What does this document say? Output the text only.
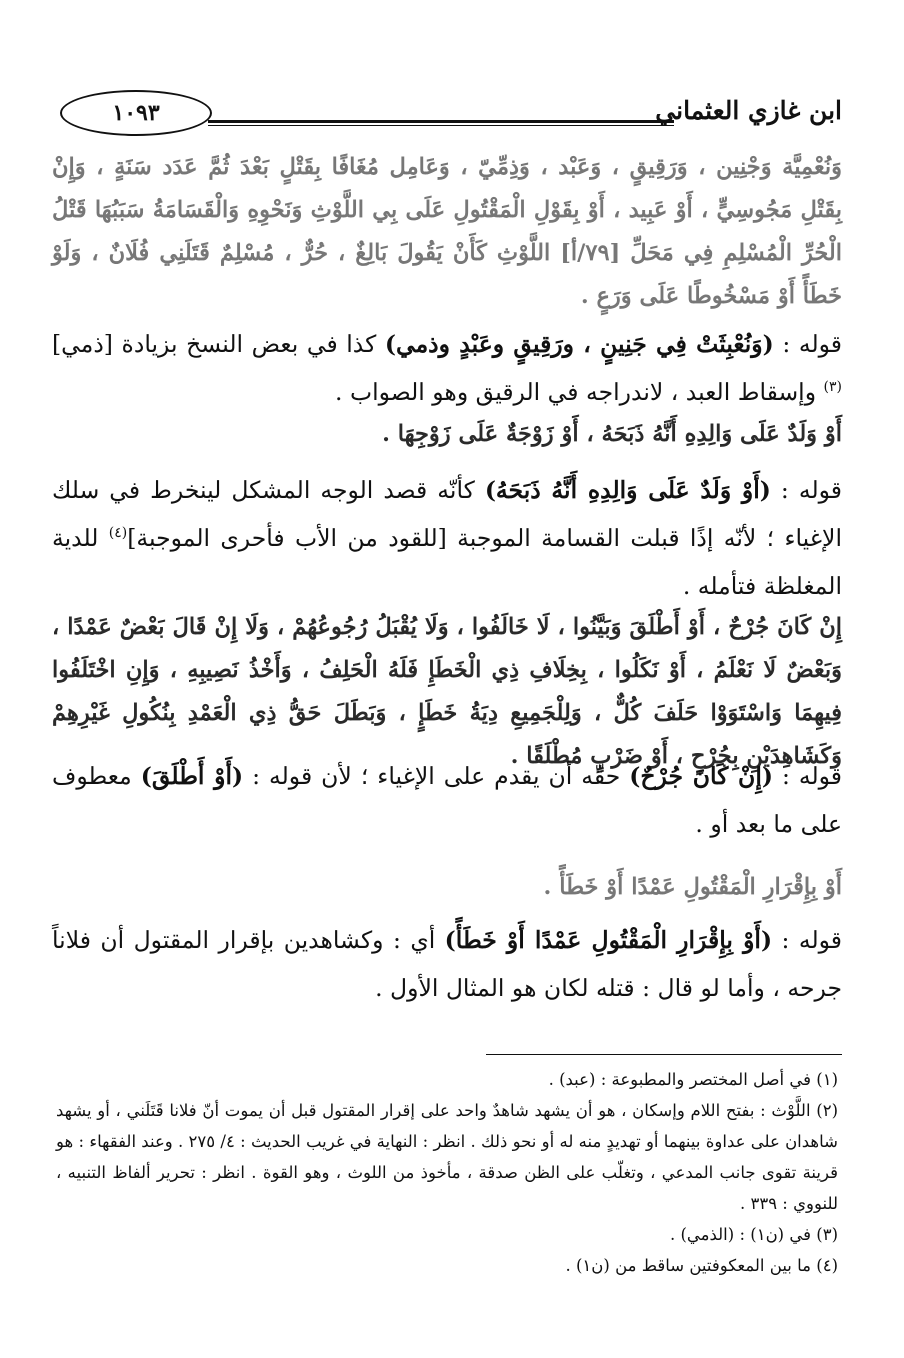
ابن غازي العثماني
١٠٩٣
وَنُعْمِيَّة وَجْنِين ، وَرَقِيقٍ ، وَعَبْد ، وَذِمِّيّ ، وَعَامِل مُغَافًا بِقَتْلٍ بَعْدَ ثُمَّ عَدَد سَنَةٍ ، وَإِنْ بِقَتْلِ مَجُوسِيٍّ ، أَوْ عَبِيد ، أَوْ بِقَوْلِ الْمَقْتُولِ عَلَى بِي اللَّوْثِ وَنَحْوِهِ وَالْقَسَامَةُ سَبَبُهَا قَتْلُ الْحُرِّ الْمُسْلِمِ فِي مَحَلِّ [٧٩/أ] اللَّوْثِ كَأَنْ يَقُولَ بَالِغٌ ، حُرٌّ ، مُسْلِمٌ قَتَلَنِي فُلَانٌ ، وَلَوْ خَطَأً أَوْ مَسْخُوطًا عَلَى وَرَعٍ .
قوله : (وَنُعْبِثَتْ فِي جَنِينٍ ، ورَقِيقٍ وعَبْدٍ وذمي) كذا في بعض النسخ بزيادة [ذمي]$^{(٣)}$ وإسقاط العبد ، لاندراجه في الرقيق وهو الصواب .
أَوْ وَلَدٌ عَلَى وَالِدِهِ أَنَّهُ ذَبَحَهُ ، أَوْ زَوْجَةٌ عَلَى زَوْجِهَا .
قوله : (أَوْ وَلَدٌ عَلَى وَالِدِهِ أَنَّهُ ذَبَحَهُ) كأنّه قصد الوجه المشكل لينخرط في سلك الإغياء ؛ لأنّه إذًا قبلت القسامة الموجبة [للقود من الأب فأحرى الموجبة]$^{(٤)}$ للدية المغلظة فتأمله .
إِنْ كَانَ جُرْحٌ ، أَوْ أَطْلَقَ وَبَيَّنُوا ، لَا خَالَفُوا ، وَلَا يُقْبَلُ رُجُوعُهُمْ ، وَلَا إِنْ قَالَ بَعْضٌ عَمْدًا ، وَبَعْضٌ لَا نَعْلَمُ ، أَوْ نَكَلُوا ، بِخِلَافِ ذِي الْخَطَإِ فَلَهُ الْحَلِفُ ، وَأَخْذُ نَصِيبِهِ ، وَإِنِ اخْتَلَفُوا فِيهِمَا وَاسْتَوَوْا حَلَفَ كُلٌّ ، وَلِلْجَمِيعِ دِيَةُ خَطَإٍ ، وَبَطَلَ حَقُّ ذِي الْعَمْدِ بِنُكُولِ غَيْرِهِمْ وَكَشَاهِدَيْنِ بِجُرْحٍ ، أَوْ ضَرْبٍ مُطْلَقًا .
قوله : (إِنْ كَانَ جُرْحٌ) حقّه أن يقدم على الإغياء ؛ لأن قوله : (أَوْ أَطْلَقَ) معطوف على ما بعد أو .
أَوْ بِإِقْرَارِ الْمَقْتُولِ عَمْدًا أَوْ خَطَأً .
قوله : (أَوْ بِإِقْرَارِ الْمَقْتُولِ عَمْدًا أَوْ خَطَأً) أي : وكشاهدين بإقرار المقتول أن فلاناً جرحه ، وأما لو قال : قتله لكان هو المثال الأول .

(١) في أصل المختصر والمطبوعة : (عبد) .

(٢) اللَّوْث : بفتح اللام وإسكان ، هو أن يشهد شاهدٌ واحد على إقرار المقتول قبل أن يموت أنّ فلانا قَتَلَني ، أو يشهد شاهدان على عداوة بينهما أو تهديدٍ منه له أو نحو ذلك . انظر : النهاية في غريب الحديث : ٤/ ٢٧٥ . وعند الفقهاء : هو قرينة تقوى جانب المدعي ، وتغلّب على الظن صدقة ، مأخوذ من اللوث ، وهو القوة . انظر : تحرير ألفاظ التنبيه ، للنووي : ٣٣٩ .

(٣) في (ن١) : (الذمي) .

(٤) ما بين المعكوفتين ساقط من (ن١) .
